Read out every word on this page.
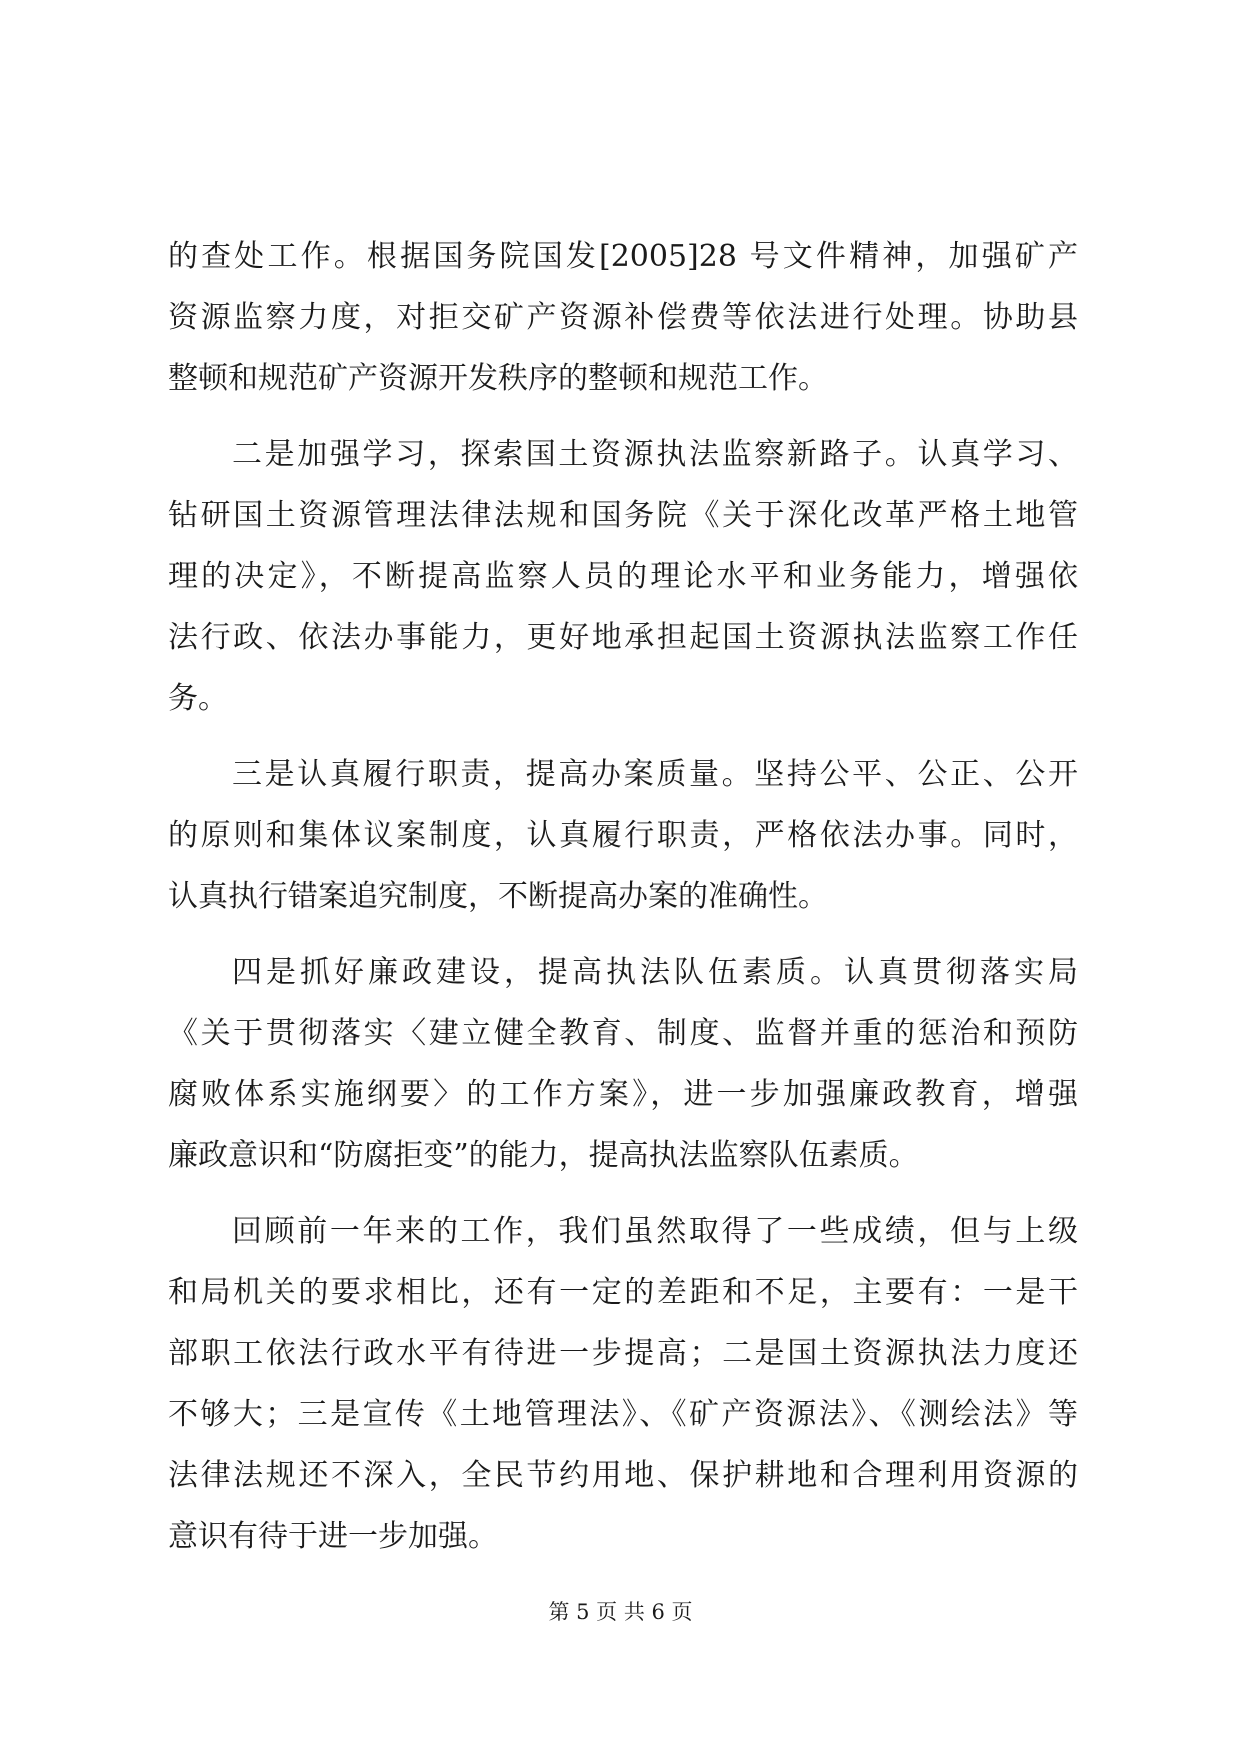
的查处工作。根据国务院国发[2005]28 号文件精神，加强矿产
资源监察力度，对拒交矿产资源补偿费等依法进行处理。协助县
整顿和规范矿产资源开发秩序的整顿和规范工作。
二是加强学习，探索国土资源执法监察新路子。认真学习、
钻研国土资源管理法律法规和国务院《关于深化改革严格土地管
理的决定》，不断提高监察人员的理论水平和业务能力，增强依
法行政、依法办事能力，更好地承担起国土资源执法监察工作任
务。
三是认真履行职责，提高办案质量。坚持公平、公正、公开
的原则和集体议案制度，认真履行职责，严格依法办事。同时，
认真执行错案追究制度，不断提高办案的准确性。
四是抓好廉政建设，提高执法队伍素质。认真贯彻落实局
《关于贯彻落实〈建立健全教育、制度、监督并重的惩治和预防
腐败体系实施纲要〉的工作方案》，进一步加强廉政教育，增强
廉政意识和“防腐拒变”的能力，提高执法监察队伍素质。
回顾前一年来的工作，我们虽然取得了一些成绩，但与上级
和局机关的要求相比，还有一定的差距和不足，主要有：一是干
部职工依法行政水平有待进一步提高；二是国土资源执法力度还
不够大；三是宣传《土地管理法》、《矿产资源法》、《测绘法》等
法律法规还不深入，全民节约用地、保护耕地和合理利用资源的
意识有待于进一步加强。
第 5 页 共 6 页
